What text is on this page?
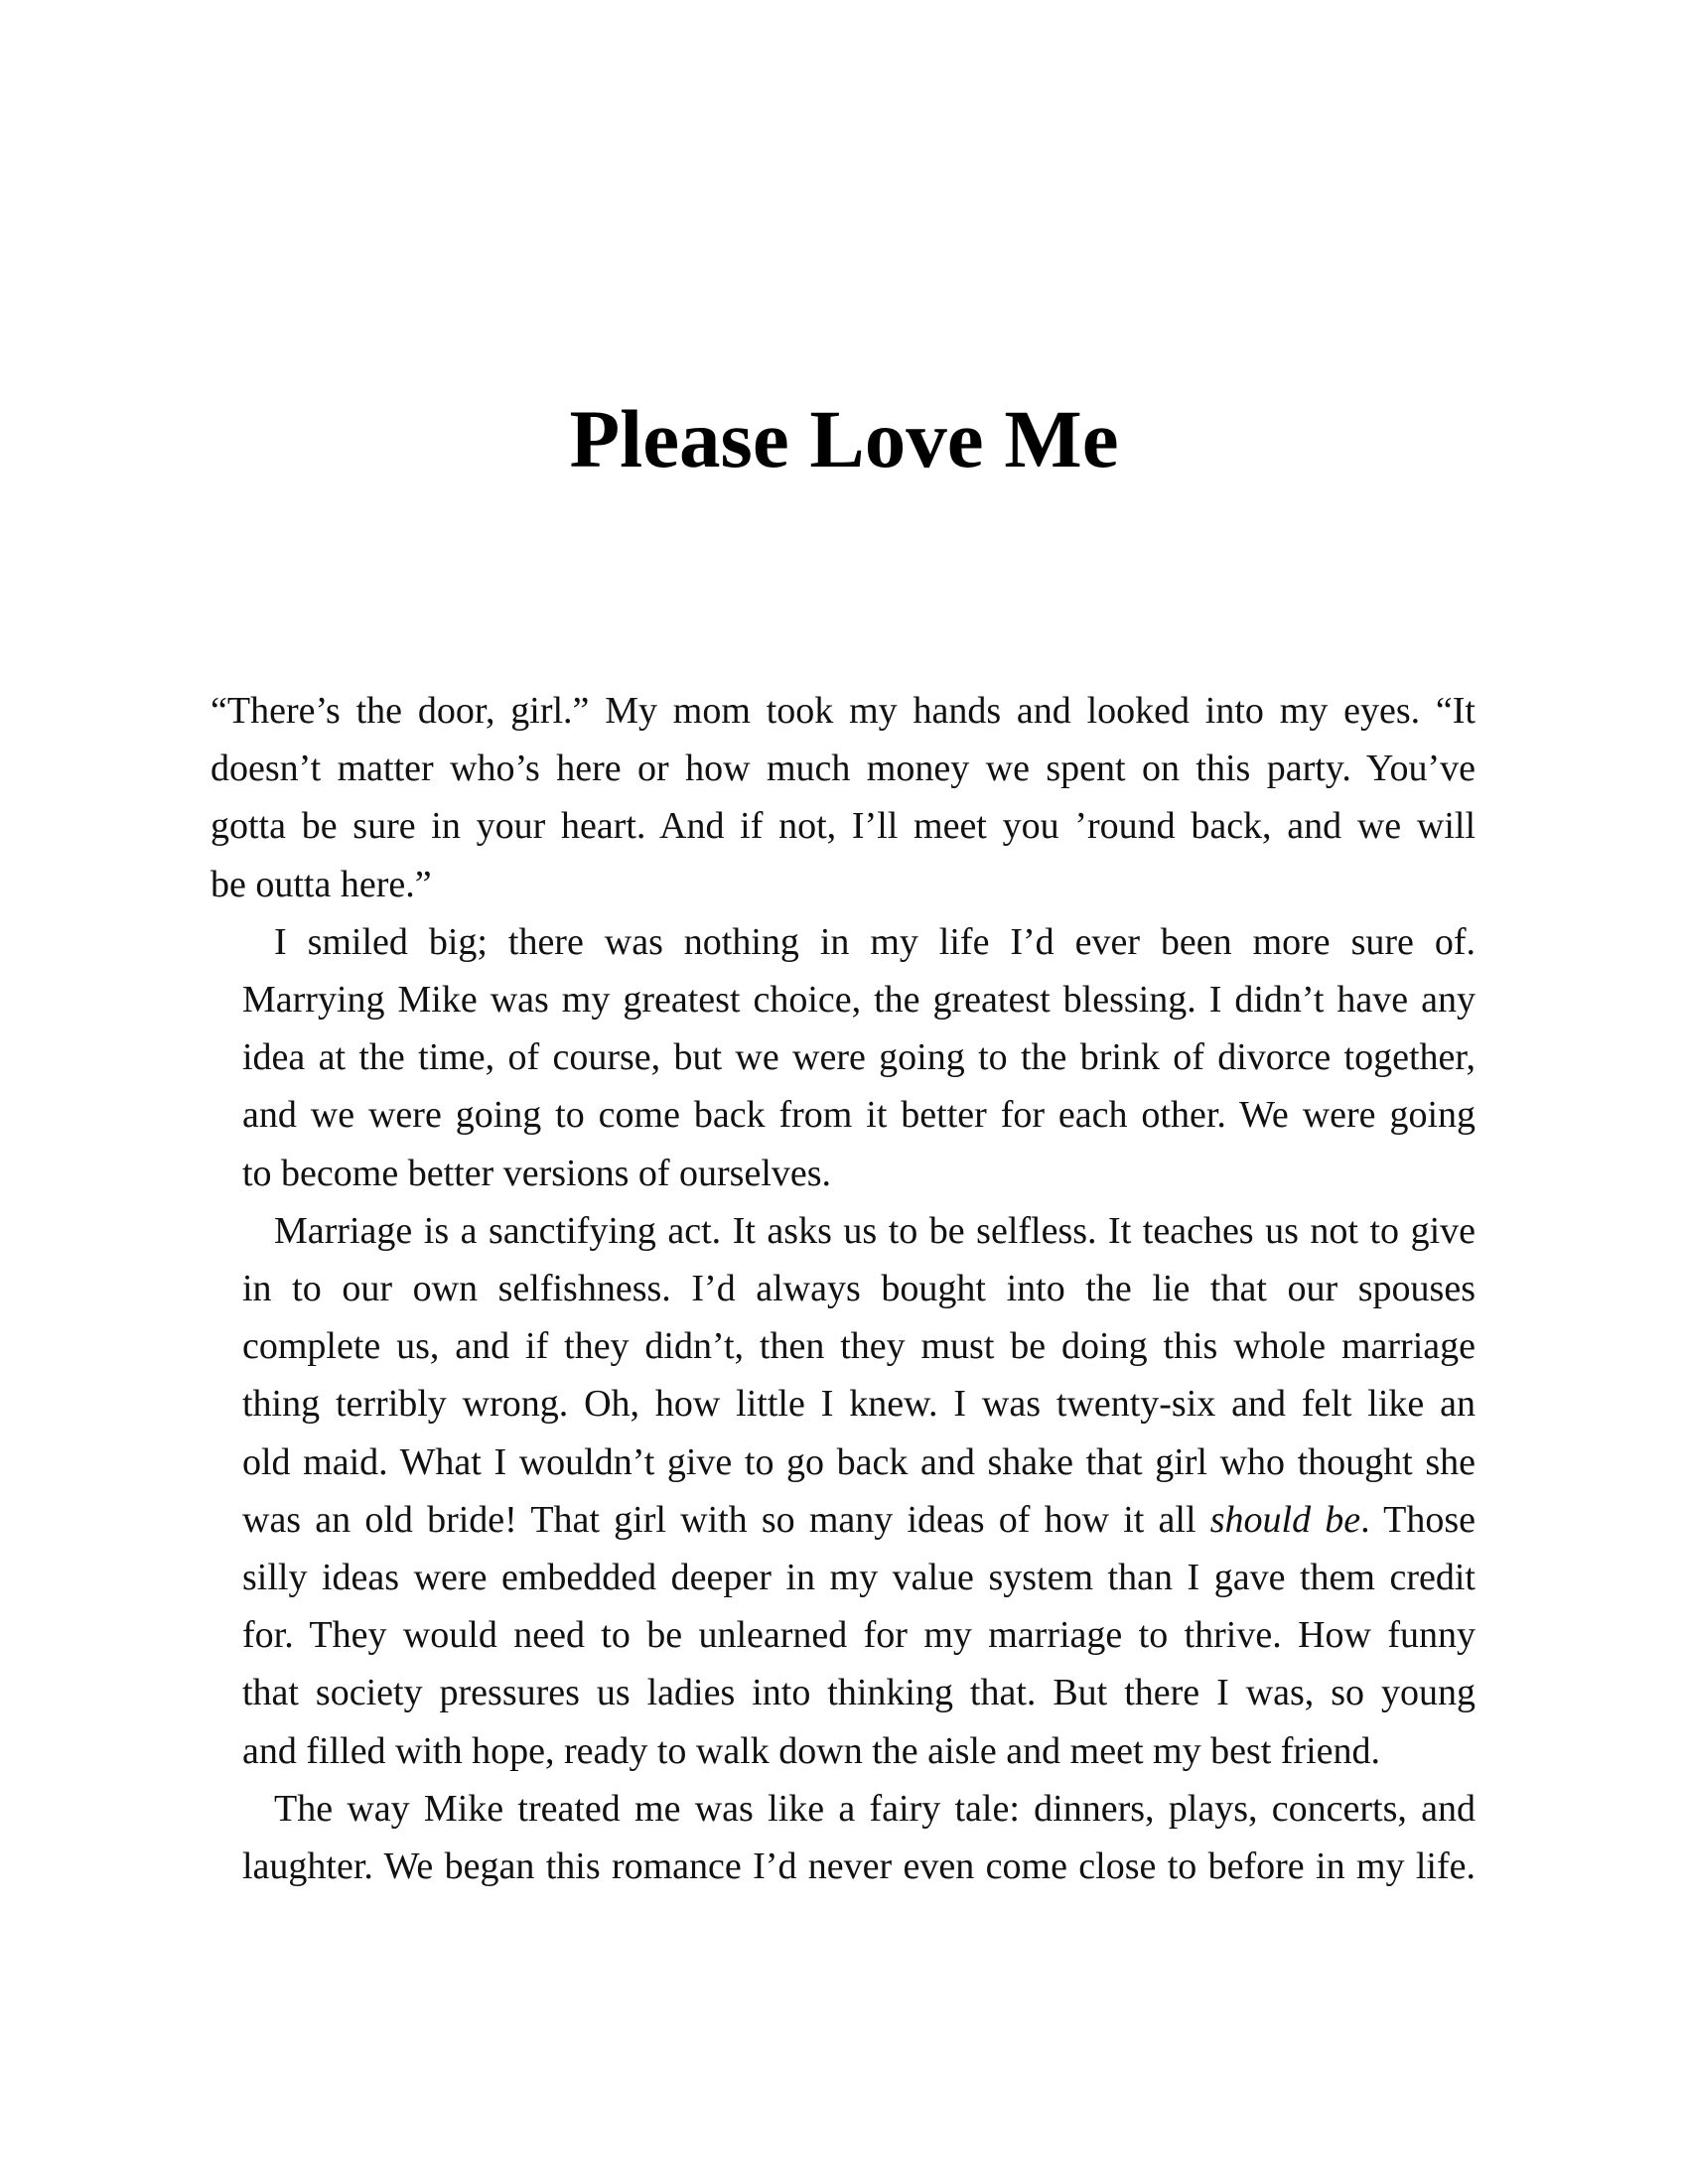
Please Love Me

“There’s the door, girl.” My mom took my hands and looked into my eyes. “It
doesn’t matter who’s here or how much money we spent on this party. You’ve
gotta be sure in your heart. And if not, I’ll meet you ’round back, and we will
be outta here.”

I smiled big; there was nothing in my life I’d ever been more sure of.
Marrying Mike was my greatest choice, the greatest blessing. I didn’t have any
idea at the time, of course, but we were going to the brink of divorce together,
and we were going to come back from it better for each other. We were going
to become better versions of ourselves.

Marriage is a sanctifying act. It asks us to be selfless. It teaches us not to give
in to our own selfishness. I’d always bought into the lie that our spouses
complete us, and if they didn’t, then they must be doing this whole marriage
thing terribly wrong. Oh, how little I knew. I was twenty-six and felt like an
old maid. What I wouldn’t give to go back and shake that girl who thought she
was an old bride! That girl with so many ideas of how it all should be. Those
silly ideas were embedded deeper in my value system than I gave them credit
for. They would need to be unlearned for my marriage to thrive. How funny
that society pressures us ladies into thinking that. But there I was, so young
and filled with hope, ready to walk down the aisle and meet my best friend.

The way Mike treated me was like a fairy tale: dinners, plays, concerts, and
laughter. We began this romance I’d never even come close to before in my life.
